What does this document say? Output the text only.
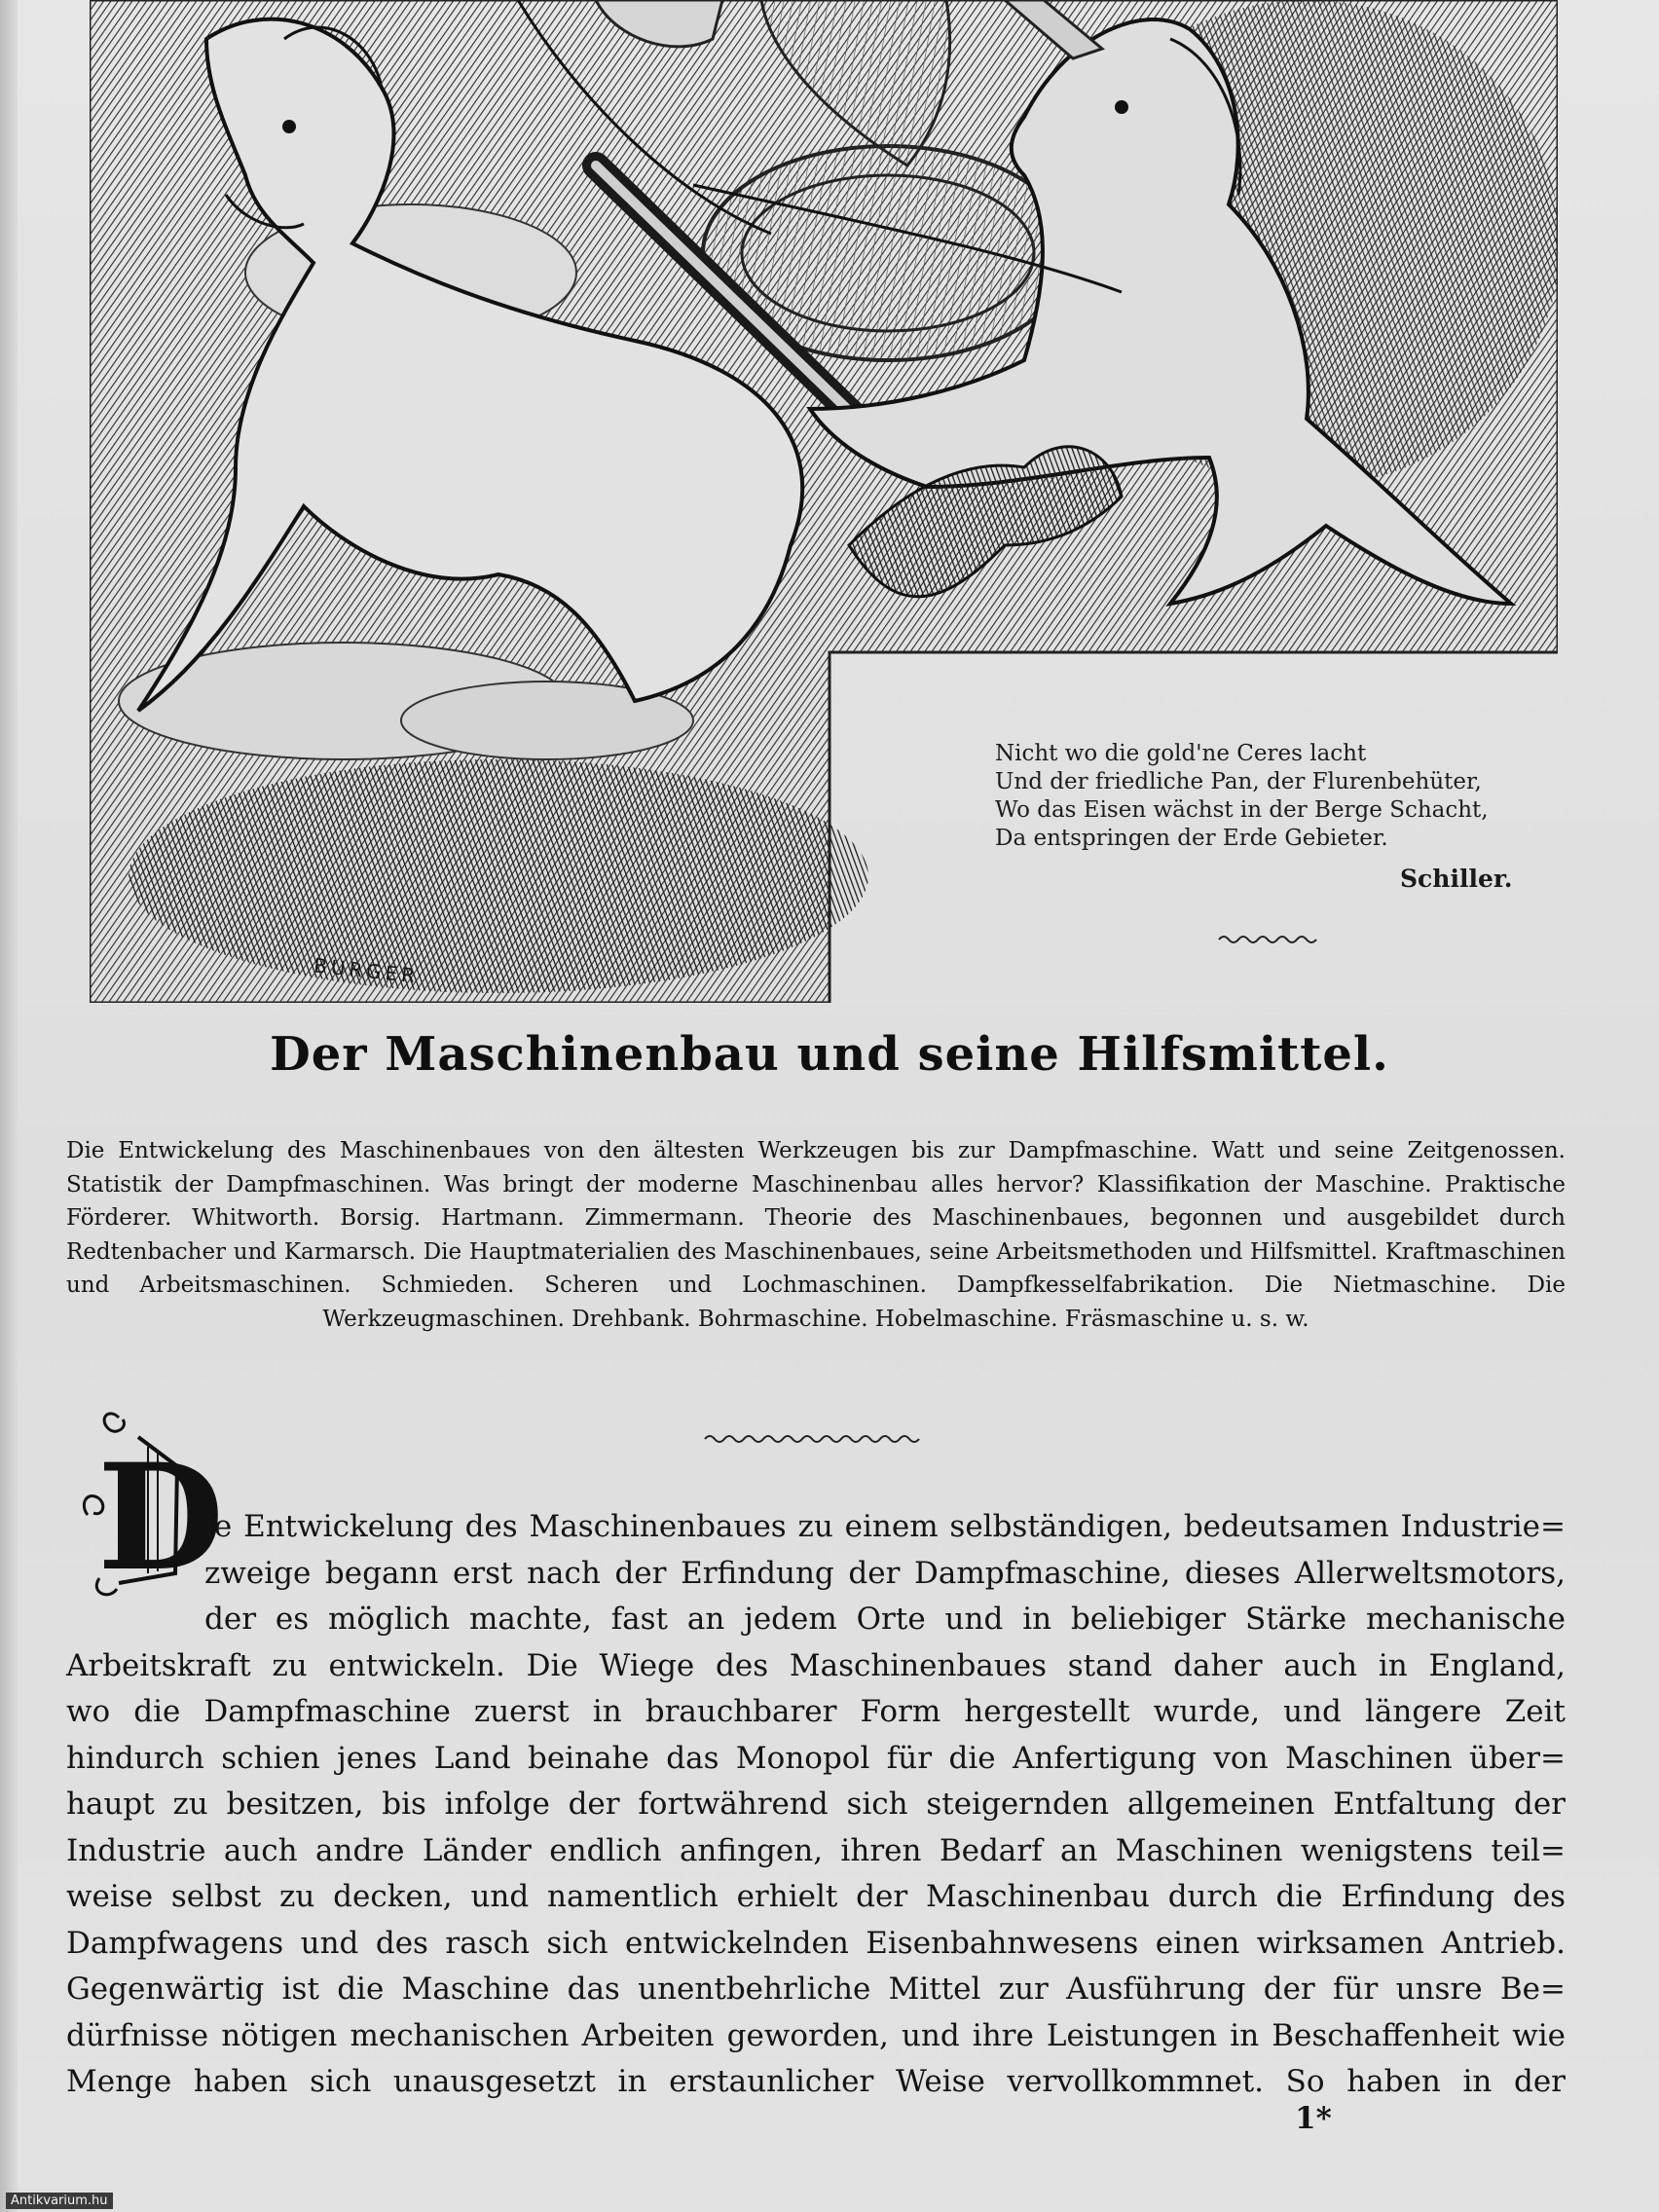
BURGER
Nicht wo die gold'ne Ceres lacht
Und der friedliche Pan, der Flurenbehüter,
Wo das Eisen wächst in der Berge Schacht,
Da entspringen der Erde Gebieter.
Schiller.
Der Maschinenbau und seine Hilfsmittel.
Die Entwickelung des Maschinenbaues von den ältesten Werkzeugen bis zur Dampfmaschine. Watt und seine Zeitgenossen. Statistik der Dampfmaschinen. Was bringt der moderne Maschinenbau alles hervor? Klassifikation der Maschine. Praktische Förderer. Whitworth. Borsig. Hartmann. Zimmermann. Theorie des Maschinenbaues, begonnen und ausgebildet durch Redtenbacher und Karmarsch. Die Hauptmaterialien des Maschinenbaues, seine Arbeitsmethoden und Hilfsmittel. Kraftmaschinen und Arbeitsmaschinen. Schmieden. Scheren und Lochmaschinen. Dampfkesselfabrikation. Die Nietmaschine. Die Werkzeugmaschinen. Drehbank. Bohrmaschine. Hobelmaschine. Fräsmaschine u. s. w.
D
ie Entwickelung des Maschinenbaues zu einem selbständigen, bedeutsamen Industrie=
zweige begann erst nach der Erfindung der Dampfmaschine, dieses Allerweltsmotors,
der es möglich machte, fast an jedem Orte und in beliebiger Stärke mechanische
Arbeitskraft zu entwickeln. Die Wiege des Maschinenbaues stand daher auch in England,
wo die Dampfmaschine zuerst in brauchbarer Form hergestellt wurde, und längere Zeit
hindurch schien jenes Land beinahe das Monopol für die Anfertigung von Maschinen über=
haupt zu besitzen, bis infolge der fortwährend sich steigernden allgemeinen Entfaltung der
Industrie auch andre Länder endlich anfingen, ihren Bedarf an Maschinen wenigstens teil=
weise selbst zu decken, und namentlich erhielt der Maschinenbau durch die Erfindung des
Dampfwagens und des rasch sich entwickelnden Eisenbahnwesens einen wirksamen Antrieb.
Gegenwärtig ist die Maschine das unentbehrliche Mittel zur Ausführung der für unsre Be=
dürfnisse nötigen mechanischen Arbeiten geworden, und ihre Leistungen in Beschaffenheit wie
Menge haben sich unausgesetzt in erstaunlicher Weise vervollkommnet. So haben in der
1*
Antikvarium.hu
